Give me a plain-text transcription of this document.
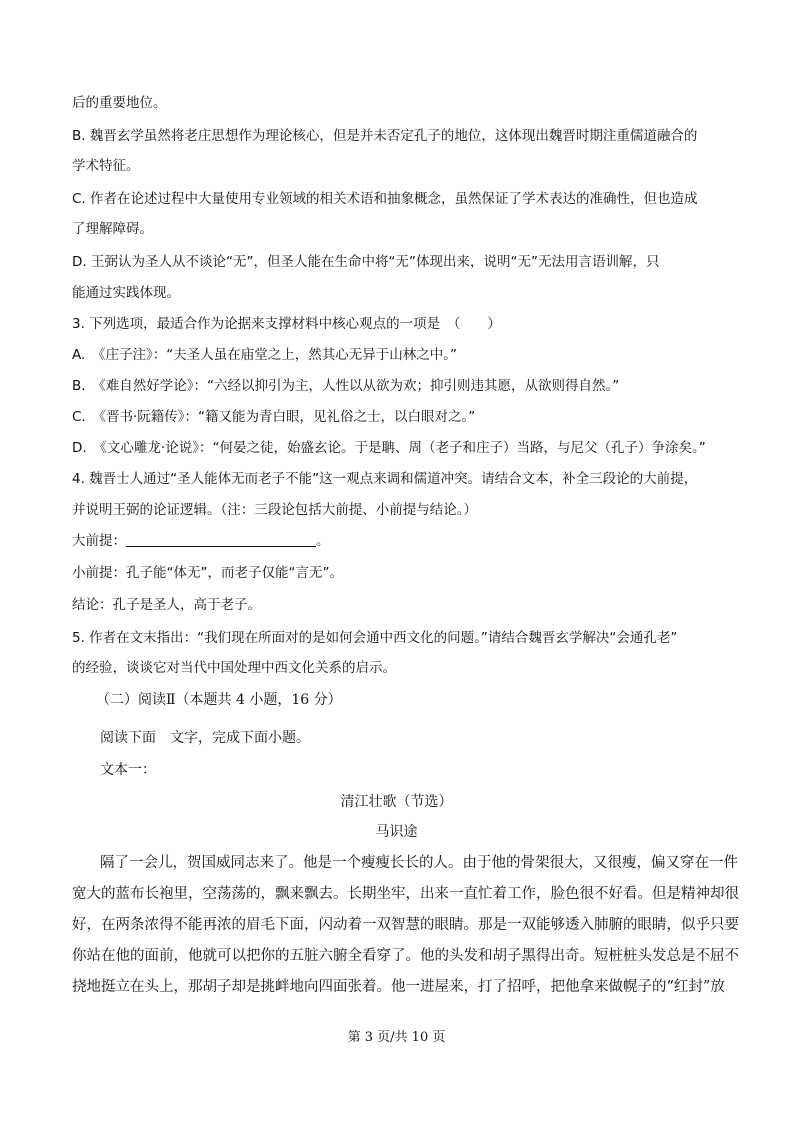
后的重要地位。
B. 魏晋玄学虽然将老庄思想作为理论核心，但是并未否定孔子的地位，这体现出魏晋时期注重儒道融合的
学术特征。
C. 作者在论述过程中大量使用专业领域的相关术语和抽象概念，虽然保证了学术表达的准确性，但也造成
了理解障碍。
D. 王弼认为圣人从不谈论“无”，但圣人能在生命中将“无”体现出来，说明“无”无法用言语训解，只
能通过实践体现。
3. 下列选项，最适合作为论据来支撑材料中核心观点的一项是　（　　）
A.　《庄子注》：“夫圣人虽在庙堂之上，然其心无异于山林之中。”
B.　《难自然好学论》：“六经以抑引为主，人性以从欲为欢；抑引则违其愿，从欲则得自然。”
C.　《晋书·阮籍传》：“籍又能为青白眼，见礼俗之士，以白眼对之。”
D.　《文心雕龙·论说》：“何晏之徒，始盛玄论。于是聃、周（老子和庄子）当路，与尼父（孔子）争涂矣。”
4. 魏晋士人通过“圣人能体无而老子不能”这一观点来调和儒道冲突。请结合文本，补全三段论的大前提，
并说明王弼的论证逻辑。（注：三段论包括大前提、小前提与结论。）
大前提：	。
小前提：孔子能“体无”，而老子仅能“言无”。
结论：孔子是圣人，高于老子。
5. 作者在文末指出：“我们现在所面对的是如何会通中西文化的问题。”请结合魏晋玄学解决“会通孔老”
的经验，谈谈它对当代中国处理中西文化关系的启示。
（二）阅读Ⅱ（本题共 4 小题，16 分）
阅读下面　文字，完成下面小题。
文本一：
清江壮歌（节选）
马识途
隔了一会儿，贺国威同志来了。他是一个瘦瘦长长的人。由于他的骨架很大，又很瘦，偏又穿在一件
宽大的蓝布长袍里，空荡荡的，飘来飘去。长期坐牢，出来一直忙着工作，脸色很不好看。但是精神却很
好，在两条浓得不能再浓的眉毛下面，闪动着一双智慧的眼睛。那是一双能够透入肺腑的眼睛，似乎只要
你站在他的面前，他就可以把你的五脏六腑全看穿了。他的头发和胡子黑得出奇。短桩桩头发总是不屈不
挠地挺立在头上，那胡子却是挑衅地向四面张着。他一进屋来，打了招呼，把他拿来做幌子的“红封”放
第 3 页/共 10 页
